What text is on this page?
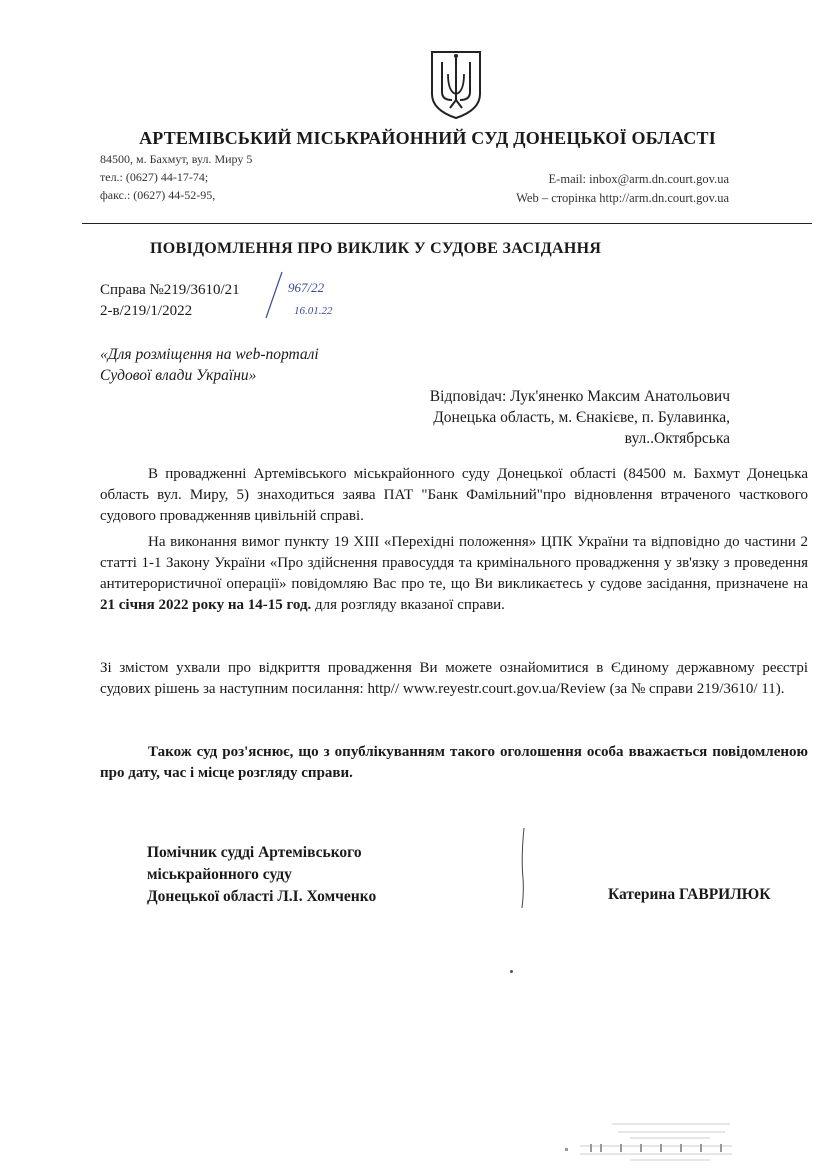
АРТЕМІВСЬКИЙ МІСЬКРАЙОННИЙ СУД ДОНЕЦЬКОЇ ОБЛАСТІ
84500, м. Бахмут, вул. Миру 5
тел.: (0627) 44-17-74;
факс.: (0627) 44-52-95,
E-mail: inbox@arm.dn.court.gov.ua
Web – сторінка http://arm.dn.court.gov.ua
ПОВІДОМЛЕННЯ ПРО ВИКЛИК У СУДОВЕ ЗАСІДАННЯ
Справа №219/3610/21
2-в/219/1/2022
967/22
16.01.22
«Для розміщення на web-порталі
Судової влади України»
Відповідач: Лук'яненко Максим Анатольович
Донецька область, м. Єнакієве, п. Булавинка,
вул..Октябрська
В провадженні Артемівського міськрайонного суду Донецької області (84500 м. Бахмут Донецька область вул. Миру, 5) знаходиться заява ПАТ "Банк Фамільний"про відновлення втраченого часткового судового провадженняв цивільній справі.
На виконання вимог пункту 19 XIII «Перехідні положення» ЦПК України та відповідно до частини 2 статті 1-1 Закону України «Про здійснення правосуддя та кримінального провадження у зв'язку з проведення антитерористичної операції» повідомляю Вас про те, що Ви викликаєтесь у судове засідання, призначене на 21 січня 2022 року на 14-15 год. для розгляду вказаної справи.
Зі змістом ухвали про відкриття провадження Ви можете ознайомитися в Єдиному державному реєстрі судових рішень за наступним посилання: http// www.reyestr.court.gov.ua/Review (за № справи 219/3610/ 11).
Також суд роз'яснює, що з опублікуванням такого оголошення особа вважається повідомленою про дату, час і місце розгляду справи.
Помічник судді Артемівського
міськрайонного суду
Донецької області Л.І. Хомченко	Катерина ГАВРИЛЮК
